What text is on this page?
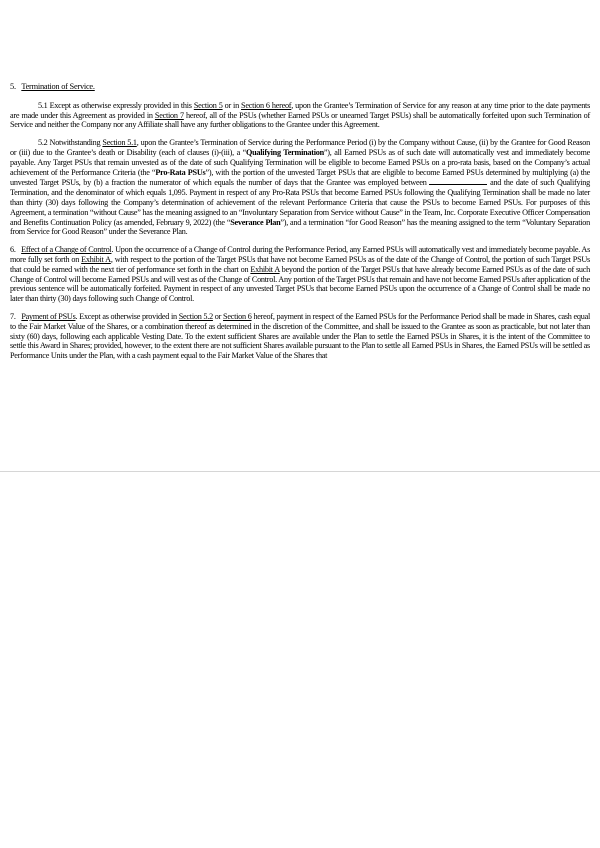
5. Termination of Service.

5.1 Except as otherwise expressly provided in this Section 5 or in Section 6 hereof, upon the Grantee’s Termination of Service for any reason at any time prior to the date payments are made under this Agreement as provided in Section 7 hereof, all of the PSUs (whether Earned PSUs or unearned Target PSUs) shall be automatically forfeited upon such Termination of Service and neither the Company nor any Affiliate shall have any further obligations to the Grantee under this Agreement.

5.2 Notwithstanding Section 5.1, upon the Grantee’s Termination of Service during the Performance Period (i) by the Company without Cause, (ii) by the Grantee for Good Reason or (iii) due to the Grantee’s death or Disability (each of clauses (i)-(iii), a “Qualifying Termination”), all Earned PSUs as of such date will automatically vest and immediately become payable. Any Target PSUs that remain unvested as of the date of such Qualifying Termination will be eligible to become Earned PSUs on a pro-rata basis, based on the Company’s actual achievement of the Performance Criteria (the “Pro-Rata PSUs”), with the portion of the unvested Target PSUs that are eligible to become Earned PSUs determined by multiplying (a) the unvested Target PSUs, by (b) a fraction the numerator of which equals the number of days that the Grantee was employed between	and the date of such Qualifying Termination, and the denominator of which equals 1,095. Payment in respect of any Pro-Rata PSUs that become Earned PSUs following the Qualifying Termination shall be made no later than thirty (30) days following the Company’s determination of achievement of the relevant Performance Criteria that cause the PSUs to become Earned PSUs. For purposes of this Agreement, a termination “without Cause” has the meaning assigned to an “Involuntary Separation from Service without Cause” in the Team, Inc. Corporate Executive Officer Compensation and Benefits Continuation Policy (as amended, February 9, 2022) (the “Severance Plan”), and a termination “for Good Reason” has the meaning assigned to the term “Voluntary Separation from Service for Good Reason” under the Severance Plan.

6. Effect of a Change of Control. Upon the occurrence of a Change of Control during the Performance Period, any Earned PSUs will automatically vest and immediately become payable. As more fully set forth on Exhibit A, with respect to the portion of the Target PSUs that have not become Earned PSUs as of the date of the Change of Control, the portion of such Target PSUs that could be earned with the next tier of performance set forth in the chart on Exhibit A beyond the portion of the Target PSUs that have already become Earned PSUs as of the date of such Change of Control will become Earned PSUs and will vest as of the Change of Control. Any portion of the Target PSUs that remain and have not become Earned PSUs after application of the previous sentence will be automatically forfeited. Payment in respect of any unvested Target PSUs that become Earned PSUs upon the occurrence of a Change of Control shall be made no later than thirty (30) days following such Change of Control.

7. Payment of PSUs. Except as otherwise provided in Section 5.2 or Section 6 hereof, payment in respect of the Earned PSUs for the Performance Period shall be made in Shares, cash equal to the Fair Market Value of the Shares, or a combination thereof as determined in the discretion of the Committee, and shall be issued to the Grantee as soon as practicable, but not later than sixty (60) days, following each applicable Vesting Date. To the extent sufficient Shares are available under the Plan to settle the Earned PSUs in Shares, it is the intent of the Committee to settle this Award in Shares; provided, however, to the extent there are not sufficient Shares available pursuant to the Plan to settle all Earned PSUs in Shares, the Earned PSUs will be settled as Performance Units under the Plan, with a cash payment equal to the Fair Market Value of the Shares that
